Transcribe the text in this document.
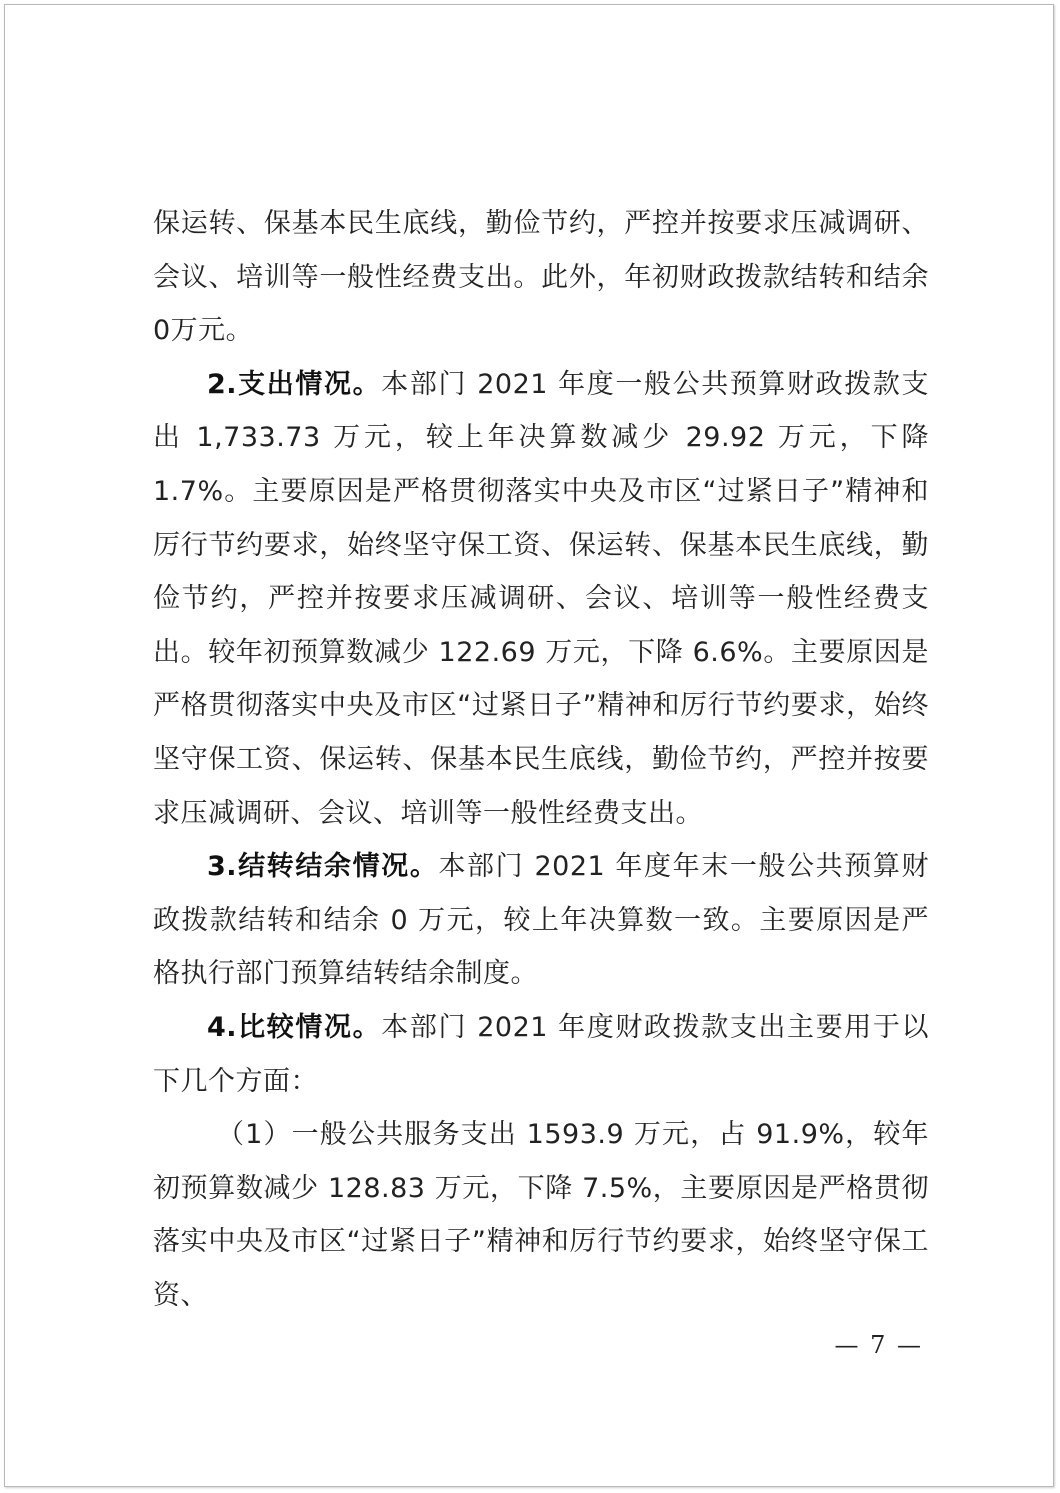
保运转、保基本民生底线，勤俭节约，严控并按要求压减调研、会议、培训等一般性经费支出。此外，年初财政拨款结转和结余0万元。

2.支出情况。本部门 2021 年度一般公共预算财政拨款支出 1,733.73 万元，较上年决算数减少 29.92 万元，下降 1.7%。主要原因是严格贯彻落实中央及市区“过紧日子”精神和厉行节约要求，始终坚守保工资、保运转、保基本民生底线，勤俭节约，严控并按要求压减调研、会议、培训等一般性经费支出。较年初预算数减少 122.69 万元，下降 6.6%。主要原因是严格贯彻落实中央及市区“过紧日子”精神和厉行节约要求，始终坚守保工资、保运转、保基本民生底线，勤俭节约，严控并按要求压减调研、会议、培训等一般性经费支出。

3.结转结余情况。本部门 2021 年度年末一般公共预算财政拨款结转和结余 0 万元，较上年决算数一致。主要原因是严格执行部门预算结转结余制度。

4.比较情况。本部门 2021 年度财政拨款支出主要用于以下几个方面：

（1）一般公共服务支出 1593.9 万元，占 91.9%，较年初预算数减少 128.83 万元，下降 7.5%，主要原因是严格贯彻落实中央及市区“过紧日子”精神和厉行节约要求，始终坚守保工资、

— 7 —
